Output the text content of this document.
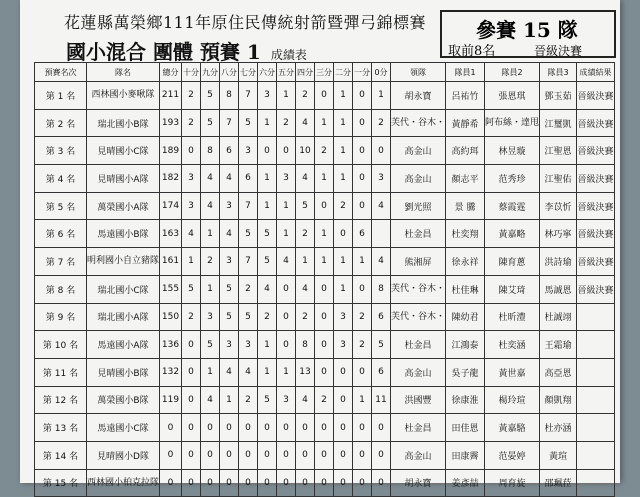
花蓮縣萬榮鄉111年原住民傳統射箭暨彈弓錦標賽
國小混合 團體 預賽 1 成績表
參賽 15 隊
取前8名	晉級決賽
預賽名次	隊名	總分	十分	九分	八分	七分	六分	五分	四分	三分	二分	一分	0分	領隊	隊員1	隊員2	隊員3	成績結果
第 1 名	西林國小麥啾隊	211	2	5	8	7	3	1	2	0	1	0	1	胡永寶	呂祐竹	張恩琪	鄧玉茹	晉級決賽
第 2 名	瑞北國小B隊	193	2	5	7	5	1	2	4	1	1	0	2	芙代・谷木・	黃靜希	阿布絲・達甩	江璽凱	晉級決賽
第 3 名	見晴國小C隊	189	0	8	6	3	0	0	10	2	1	0	0	高金山	高約珥	林昱璇	江聖恩	晉級決賽
第 4 名	見晴國小A隊	182	3	4	4	6	1	3	4	1	1	0	3	高金山	顏志平	范秀珍	江聖佑	晉級決賽
第 5 名	萬榮國小A隊	174	3	4	3	7	1	1	5	0	2	0	4	劉光照	景 騰	蔡霞霆	李苡忻	晉級決賽
第 6 名	馬遠國小B隊	163	4	1	4	5	5	1	2	1	0	6		杜金昌	杜奕翔	黃嘉略	林巧寧	晉級決賽
第 7 名	明利國小自立豬隊	161	1	2	3	7	5	4	1	1	1	1	4	熊湘屏	徐永祥	陳育蔥	洪詩瑜	晉級決賽
第 8 名	瑞北國小C隊	155	5	1	5	2	4	0	4	0	1	0	8	芙代・谷木・	杜佳琳	陳艾琦	馬誠恩	晉級決賽
第 9 名	瑞北國小A隊	150	2	3	5	5	2	0	2	0	3	2	6	芙代・谷木・	陳幼君	杜昕澧	杜誠翊	
第 10 名	馬遠國小A隊	136	0	5	3	3	1	0	8	0	3	2	5	杜金昌	江鴻泰	杜奕涵	王霜瑜	
第 11 名	見晴國小B隊	132	0	1	4	4	1	1	13	0	0	0	6	高金山	吳子龍	黃世嘉	高亞恩	
第 12 名	萬榮國小B隊	119	0	4	1	2	5	3	4	2	0	1	11	洪國豐	徐康淮	楊玲瑄	顏凱翔	
第 13 名	馬遠國小C隊	0	0	0	0	0	0	0	0	0	0	0	0	杜金昌	田佳恩	黃嘉駱	杜亦涵	
第 14 名	見晴國小D隊	0	0	0	0	0	0	0	0	0	0	0	0	高金山	田康霽	范晏婷	黃瑄	
第 15 名	西林國小柏克拉隊	0	0	0	0	0	0	0	0	0	0	0	0	胡永寶	姜彥喆	周育旋	邵珮菈	
